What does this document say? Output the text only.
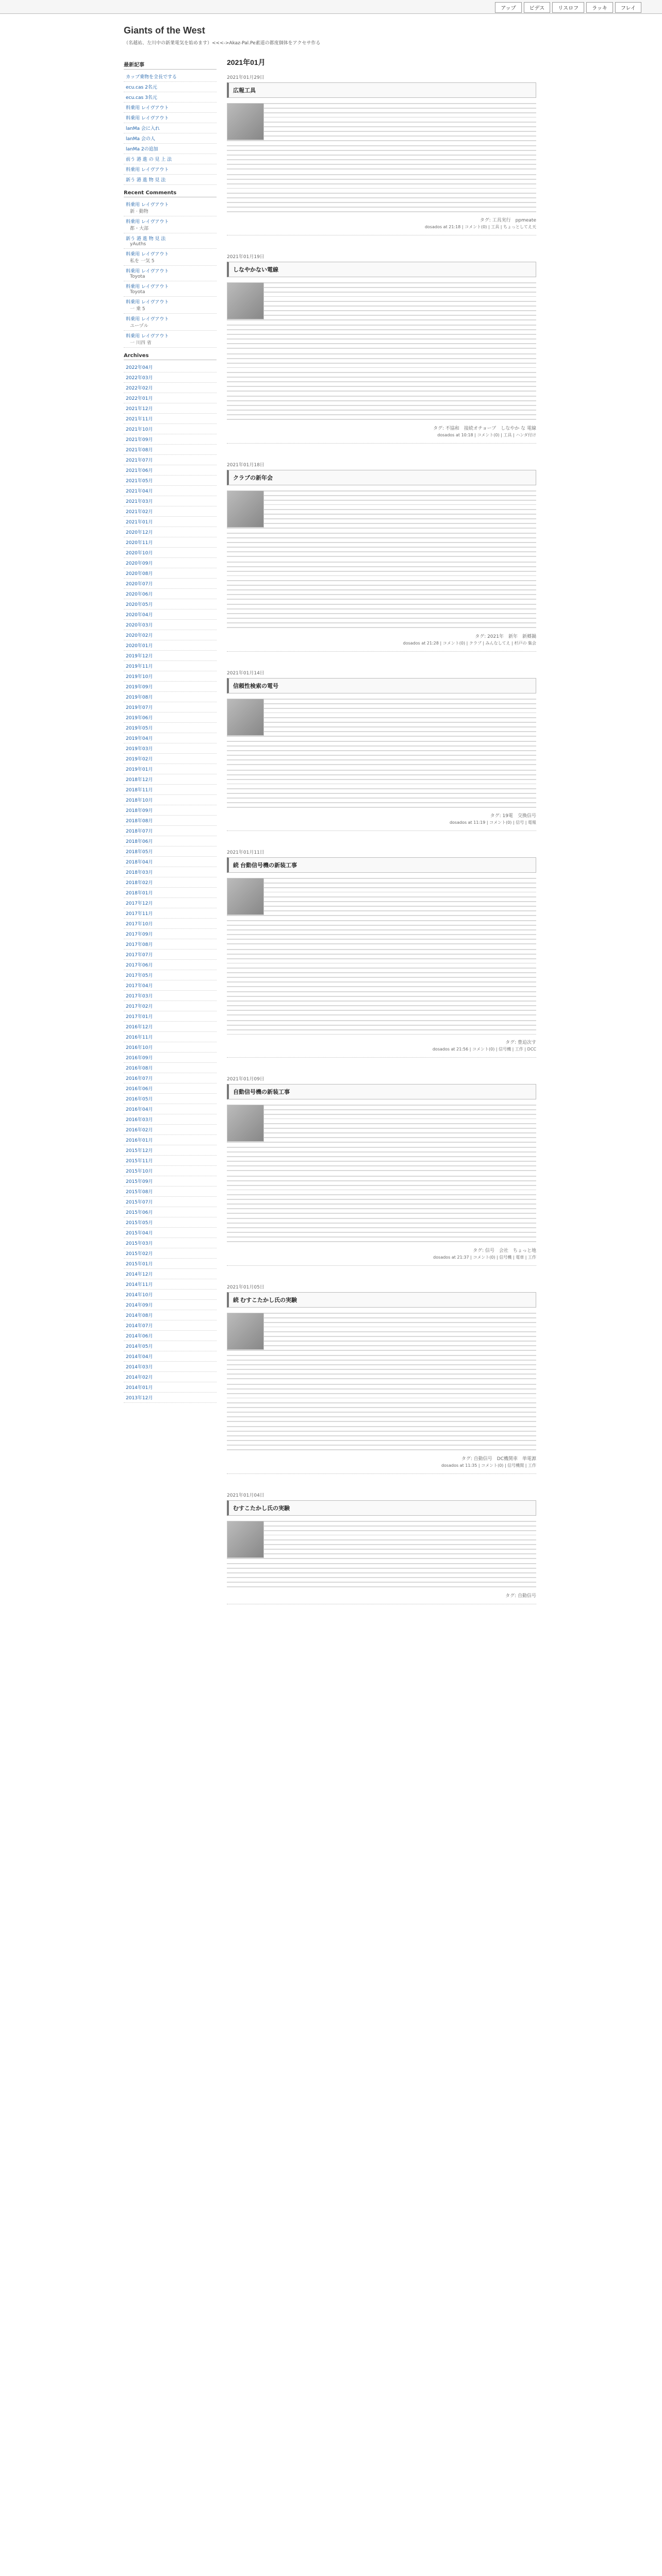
アップ	ビデス	リスロフ	ラッキ	フレイ
Giants of the West
（名越祐、左川中の新業電気を始めます）<<<->Akaz-Pal.Pe素道の都度個体をアクセサ作る
最新記事
カップ乗物を全長でする
ecu.cas 2名元
ecu.cas 3名元
料乗用 レイヴアウト
料乗用 レイヴアウト
lanMa 会に入れ
lanMa 会の人
lanMa 2の追加
前う 港 進 の 見 上 法
料乗用 レイヴアウト
新う 港 進 物 見 法
Recent Comments
料乗用 レイヴアウト
新 · 動物
料乗用 レイヴアウト
都・大部
新う 港 進 物 見 法
yAuths
料乗用 レイヴアウト
私を 一気 5
料乗用 レイヴアウト
Toyota
料乗用 レイヴアウト
Toyota
料乗用 レイヴアウト
一 乗 5
料乗用 レイヴアウト
ユーヅル
料乗用 レイヴアウト
一 川四 省
Archives
2022年04月
2022年03月
2022年02月
2022年01月
2021年12月
2021年11月
2021年10月
2021年09月
2021年08月
2021年07月
2021年06月
2021年05月
2021年04月
2021年03月
2021年02月
2021年01月
2020年12月
2020年11月
2020年10月
2020年09月
2020年08月
2020年07月
2020年06月
2020年05月
2020年04月
2020年03月
2020年02月
2020年01月
2019年12月
2019年11月
2019年10月
2019年09月
2019年08月
2019年07月
2019年06月
2019年05月
2019年04月
2019年03月
2019年02月
2019年01月
2018年12月
2018年11月
2018年10月
2018年09月
2018年08月
2018年07月
2018年06月
2018年05月
2018年04月
2018年03月
2018年02月
2018年01月
2017年12月
2017年11月
2017年10月
2017年09月
2017年08月
2017年07月
2017年06月
2017年05月
2017年04月
2017年03月
2017年02月
2017年01月
2016年12月
2016年11月
2016年10月
2016年09月
2016年08月
2016年07月
2016年06月
2016年05月
2016年04月
2016年03月
2016年02月
2016年01月
2015年12月
2015年11月
2015年10月
2015年09月
2015年08月
2015年07月
2015年06月
2015年05月
2015年04月
2015年03月
2015年02月
2015年01月
2014年12月
2014年11月
2014年10月
2014年09月
2014年08月
2014年07月
2014年06月
2014年05月
2014年04月
2014年03月
2014年02月
2014年01月
2013年12月
2021年01月
2021年01月29日
広報工具
タグ: 工具実行　ppmeate
dosados at 21:18 | コメント(0) | 工具 | ちょっとしてえ天
2021年01月19日
しなやかない電線
タグ: 不協和　接続オチョーブ　しなやか な 電線
dosados at 10:18 | コメント(0) | 工具 | ハンダ付け
2021年01月18日
クラブの新年会
タグ: 2021年　新年　新郷鍋
dosados at 21:28 | コメント(0) | クラブ | みんなしてえ | 杉戸の 集会
2021年01月14日
信頼性検索の電号
タグ: 19電　交換信号
dosados at 11:19 | コメント(0) | 信号 | 電報
2021年01月11日
続 台動信号機の新装工事
タグ: 豊迫次す
dosados at 21:56 | コメント(0) | 信号機 | 工作 | DCC
2021年01月09日
自動信号機の新装工事
タグ: 信号　会社　ちょっと地
dosados at 21:37 | コメント(0) | 信号機 | 電車 | 工作
2021年01月05日
続 むすこたかし氏の実験
タグ: 自動信号　DC機関車　単電源
dosados at 11:35 | コメント(0) | 信号機関 | 工作
2021年01月04日
むすこたかし氏の実験
タグ: 自動信号
